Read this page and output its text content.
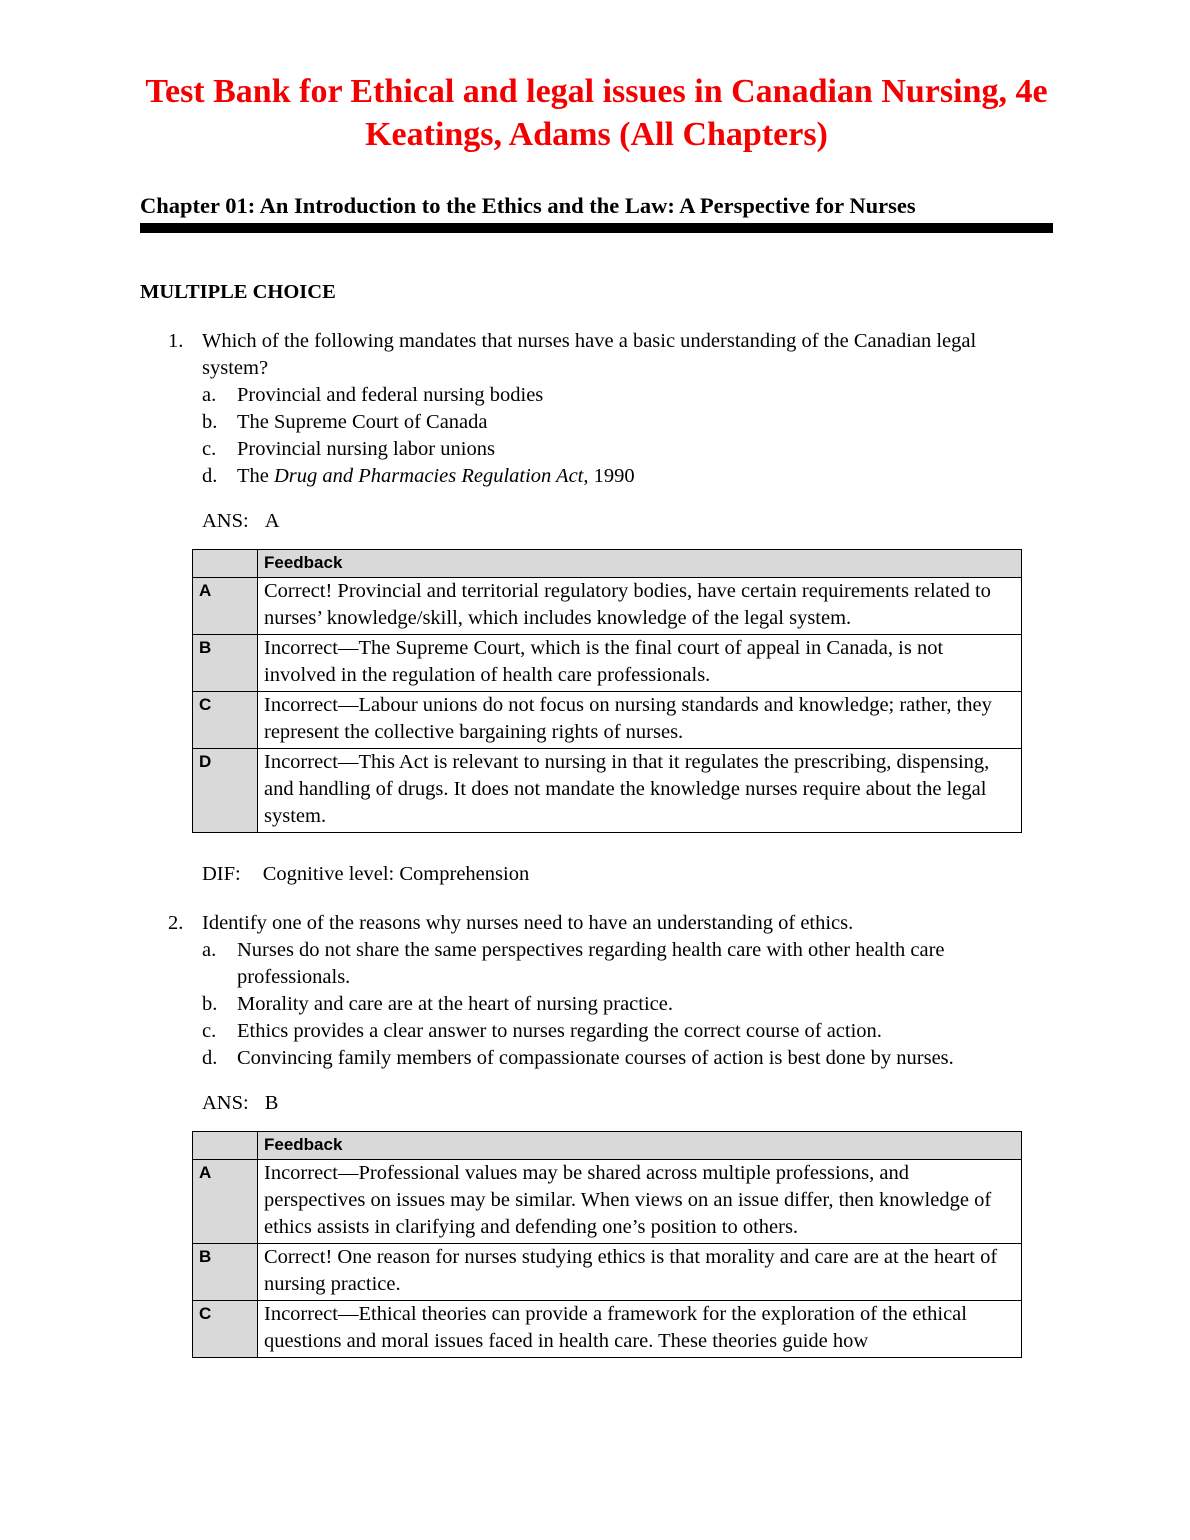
Test Bank for Ethical and legal issues in Canadian Nursing, 4e Keatings, Adams (All Chapters)
Chapter 01: An Introduction to the Ethics and the Law: A Perspective for Nurses
MULTIPLE CHOICE
1. Which of the following mandates that nurses have a basic understanding of the Canadian legal system?
a.	Provincial and federal nursing bodies
b. The Supreme Court of Canada
c.	Provincial nursing labor unions
d. The Drug and Pharmacies Regulation Act, 1990
ANS: A
	Feedback
A	Correct! Provincial and territorial regulatory bodies, have certain requirements related to nurses’ knowledge/skill, which includes knowledge of the legal system.
B	Incorrect—The Supreme Court, which is the final court of appeal in Canada, is not involved in the regulation of health care professionals.
C	Incorrect—Labour unions do not focus on nursing standards and knowledge; rather, they represent the collective bargaining rights of nurses.
D	Incorrect—This Act is relevant to nursing in that it regulates the prescribing, dispensing, and handling of drugs. It does not mandate the knowledge nurses require about the legal system.
DIF: Cognitive level: Comprehension
2. Identify one of the reasons why nurses need to have an understanding of ethics.
a.	Nurses do not share the same perspectives regarding health care with other health care professionals.
b. Morality and care are at the heart of nursing practice.
c.	Ethics provides a clear answer to nurses regarding the correct course of action.
d. Convincing family members of compassionate courses of action is best done by nurses.
ANS: B
	Feedback
A	Incorrect—Professional values may be shared across multiple professions, and perspectives on issues may be similar. When views on an issue differ, then knowledge of ethics assists in clarifying and defending one’s position to others.
B	Correct! One reason for nurses studying ethics is that morality and care are at the heart of nursing practice.
C	Incorrect—Ethical theories can provide a framework for the exploration of the ethical questions and moral issues faced in health care. These theories guide how
